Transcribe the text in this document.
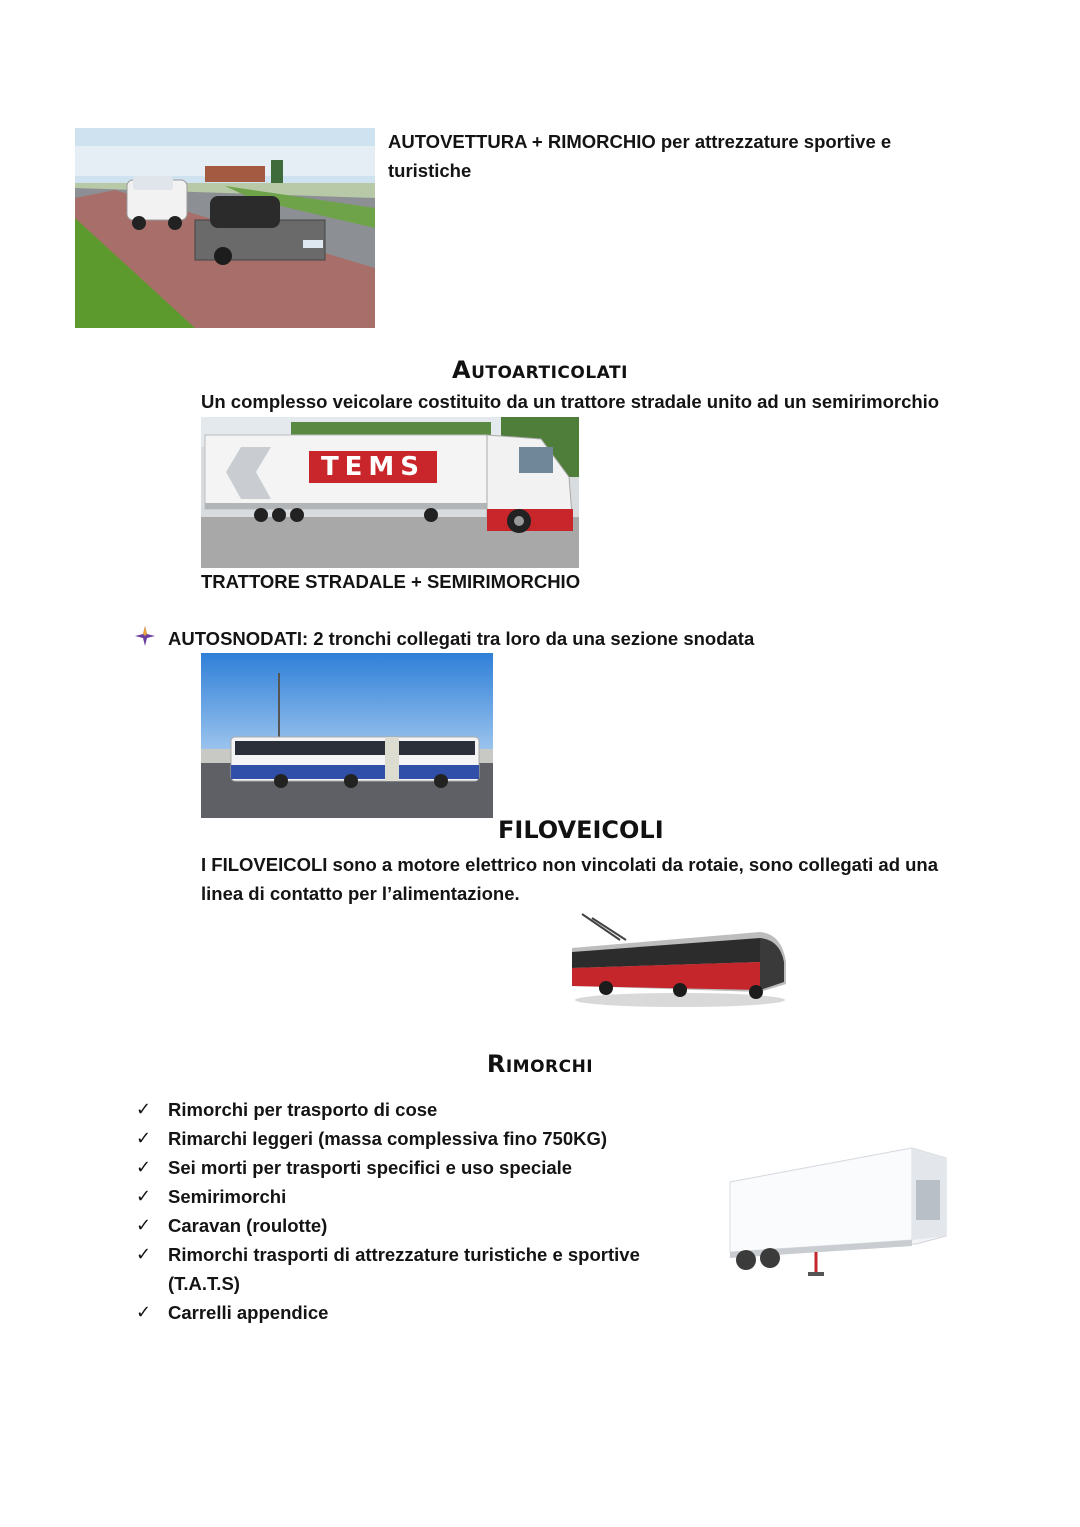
AUTOVETTURA + RIMORCHIO per attrezzature sportive e turistiche
Autoarticolati
Un complesso veicolare costituito da un trattore stradale unito ad un semirimorchio
TEMS
TRATTORE STRADALE + SEMIRIMORCHIO
AUTOSNODATI: 2 tronchi collegati tra loro da una sezione snodata
FILOVEICOLI
I FILOVEICOLI sono a motore elettrico non vincolati da rotaie, sono collegati ad una linea di contatto per l’alimentazione.
Rimorchi
✓ Rimorchi per trasporto di cose
✓ Rimarchi leggeri (massa complessiva fino 750KG)
✓ Sei morti per trasporti specifici e uso speciale
✓ Semirimorchi
✓ Caravan (roulotte)
✓ Rimorchi trasporti di attrezzature turistiche e sportive (T.A.T.S)
✓ Carrelli appendice
